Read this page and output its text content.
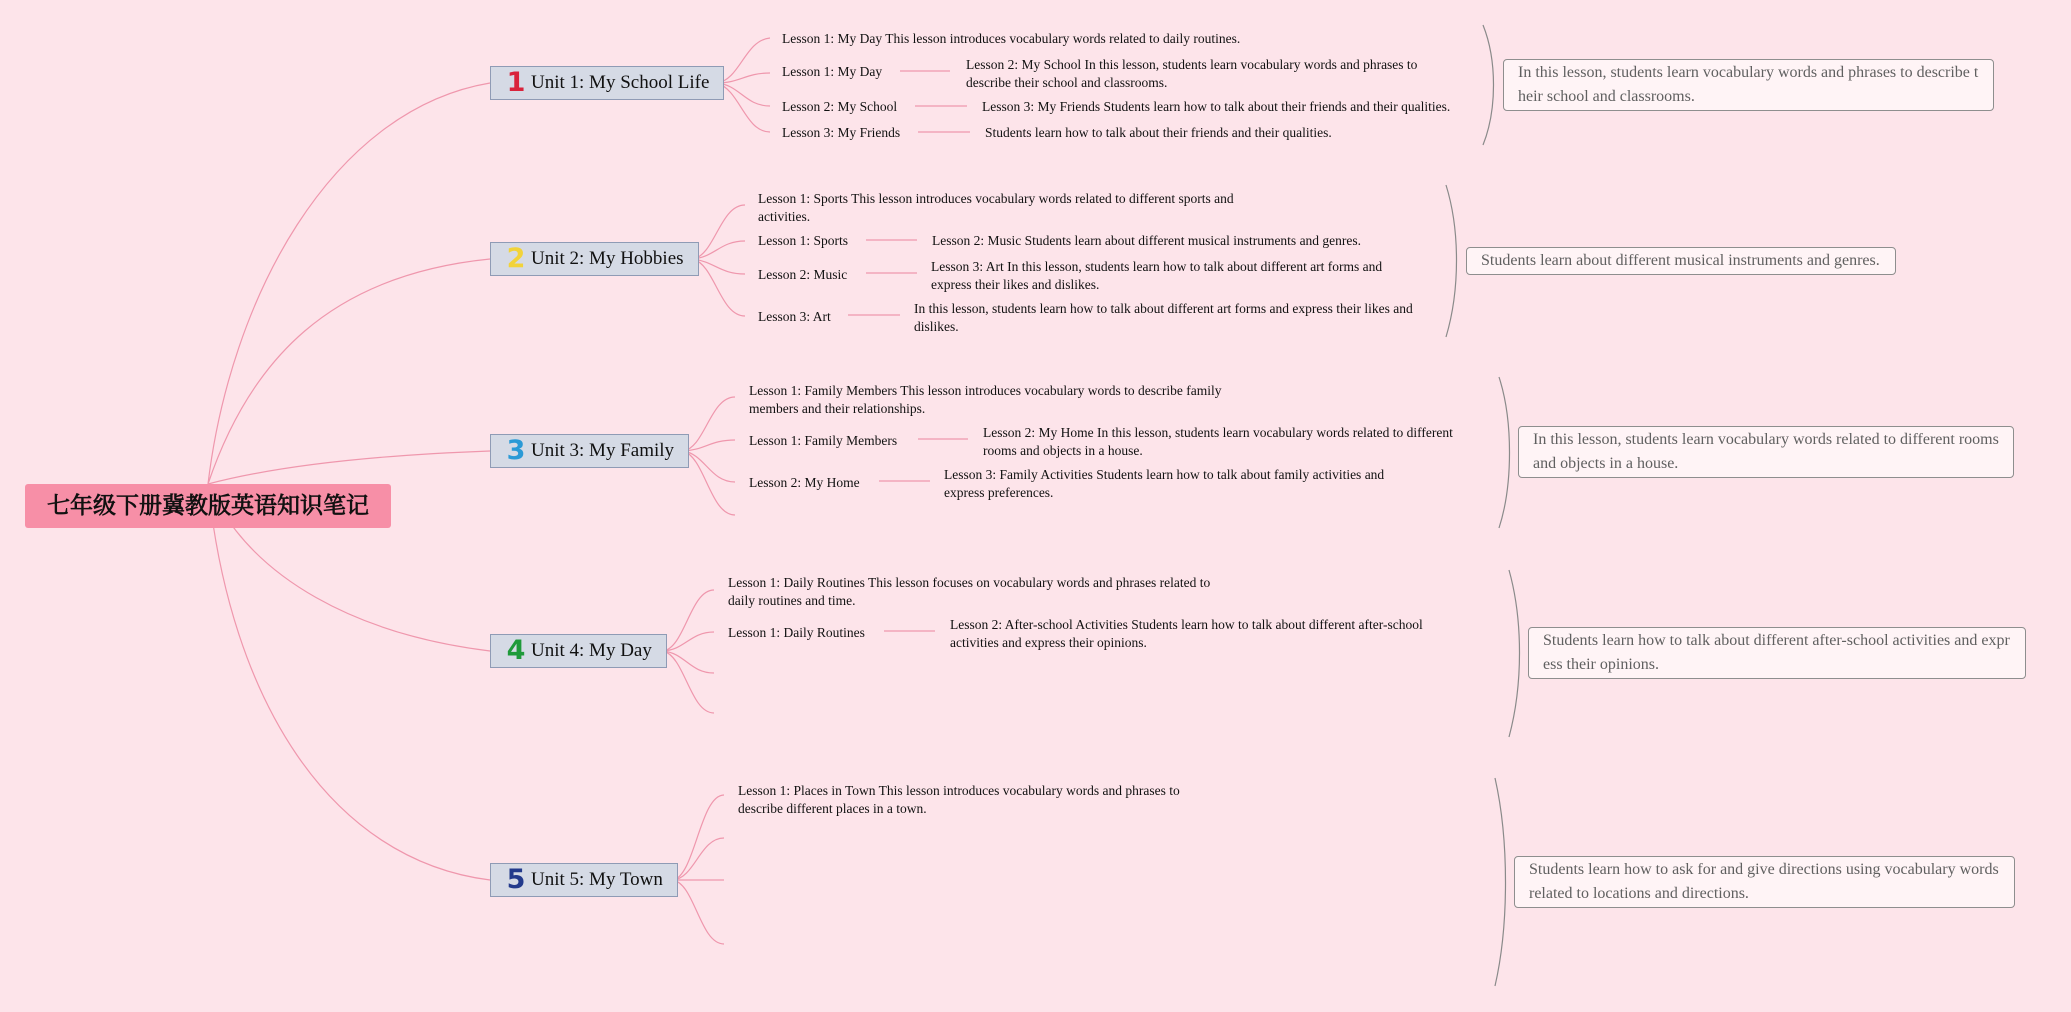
七年级下册冀教版英语知识笔记
1 Unit 1: My School Life
Lesson 1: My Day This lesson introduces vocabulary words related to daily routines.
Lesson 1: My Day	Lesson 2: My School In this lesson, students learn vocabulary words and phrases to describe their school and classrooms.
Lesson 2: My School	Lesson 3: My Friends Students learn how to talk about their friends and their qualities.
Lesson 3: My Friends	Students learn how to talk about their friends and their qualities.
In this lesson, students learn vocabulary words and phrases to describe their school and classrooms.
2 Unit 2: My Hobbies
Lesson 1: Sports This lesson introduces vocabulary words related to different sports and activities.
Lesson 1: Sports	Lesson 2: Music Students learn about different musical instruments and genres.
Lesson 2: Music
Lesson 3: Art In this lesson, students learn how to talk about different art forms and express their likes and dislikes.
Lesson 3: Art
In this lesson, students learn how to talk about different art forms and express their likes and dislikes.
Students learn about different musical instruments and genres.
3 Unit 3: My Family
Lesson 1: Family Members This lesson introduces vocabulary words to describe family members and their relationships.
Lesson 1: Family Members
Lesson 2: My Home In this lesson, students learn vocabulary words related to different rooms and objects in a house.
Lesson 2: My Home
Lesson 3: Family Activities Students learn how to talk about family activities and express preferences.
In this lesson, students learn vocabulary words related to different rooms and objects in a house.
4 Unit 4: My Day
Lesson 1: Daily Routines This lesson focuses on vocabulary words and phrases related to daily routines and time.
Lesson 1: Daily Routines
Lesson 2: After-school Activities Students learn how to talk about different after-school activities and express their opinions.	Students learn how to talk about different after-school activities and express their opinions.
5 Unit 5: My Town
Lesson 1: Places in Town This lesson introduces vocabulary words and phrases to describe different places in a town.
Students learn how to ask for and give directions using vocabulary words related to locations and directions.
